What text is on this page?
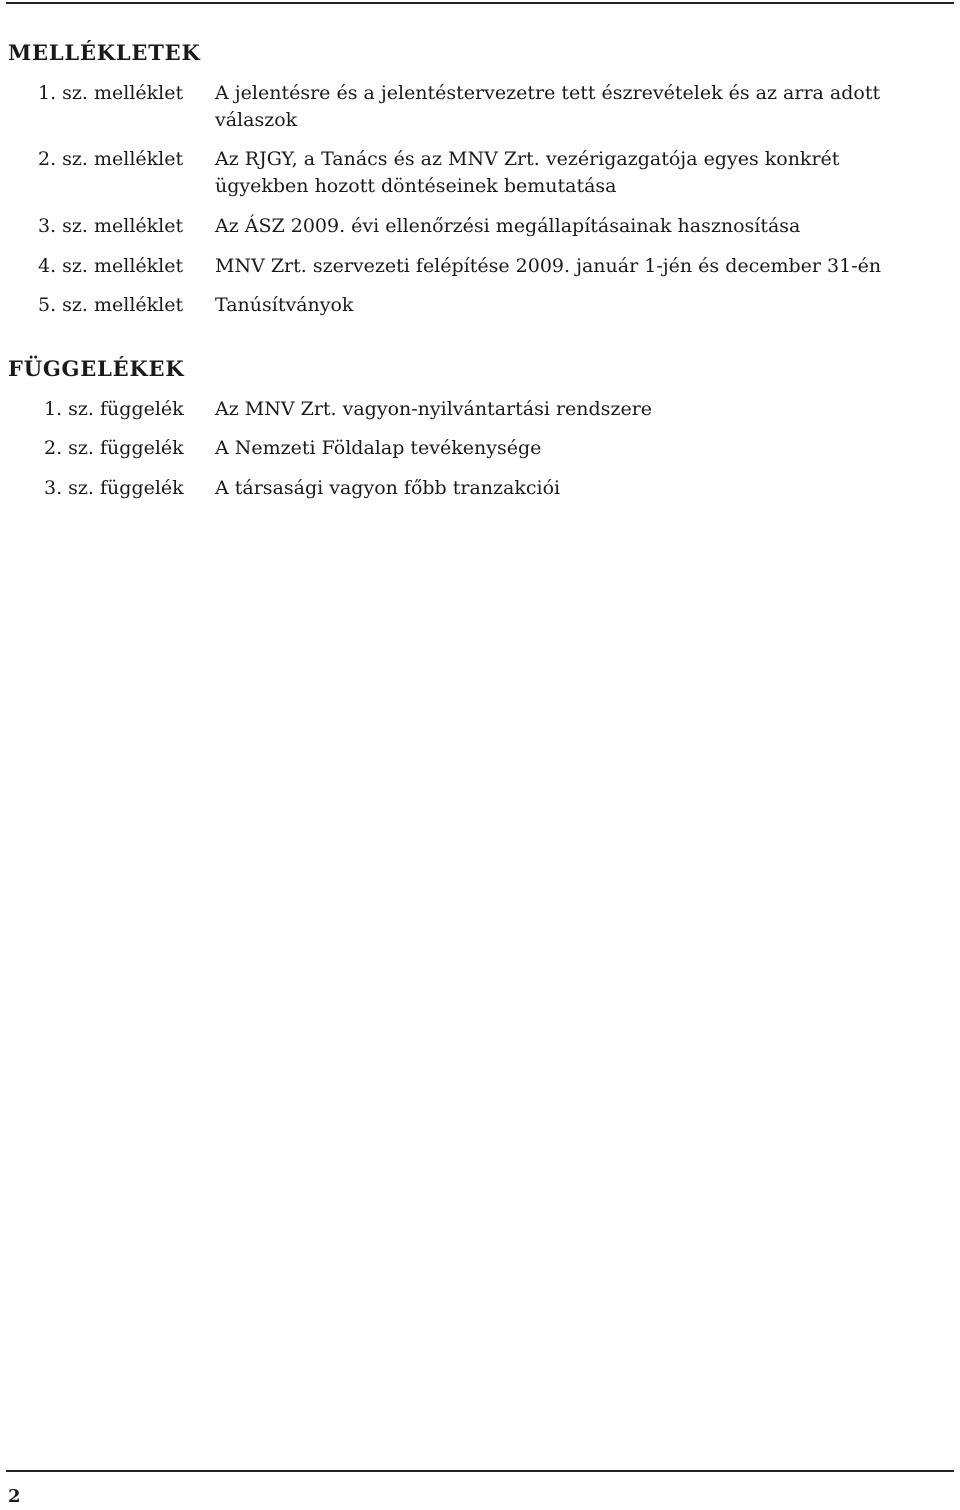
MELLÉKLETEK
1. sz. melléklet A jelentésre és a jelentéstervezetre tett észrevételek és az arra adott válaszok
2. sz. melléklet Az RJGY, a Tanács és az MNV Zrt. vezérigazgatója egyes konkrét ügyekben hozott döntéseinek bemutatása
3. sz. melléklet Az ÁSZ 2009. évi ellenőrzési megállapításainak hasznosítása
4. sz. melléklet MNV Zrt. szervezeti felépítése 2009. január 1-jén és december 31-én
5. sz. melléklet Tanúsítványok
FÜGGELÉKEK
1. sz. függelék Az MNV Zrt. vagyon-nyilvántartási rendszere
2. sz. függelék A Nemzeti Földalap tevékenysége
3. sz. függelék A társasági vagyon főbb tranzakciói
2
